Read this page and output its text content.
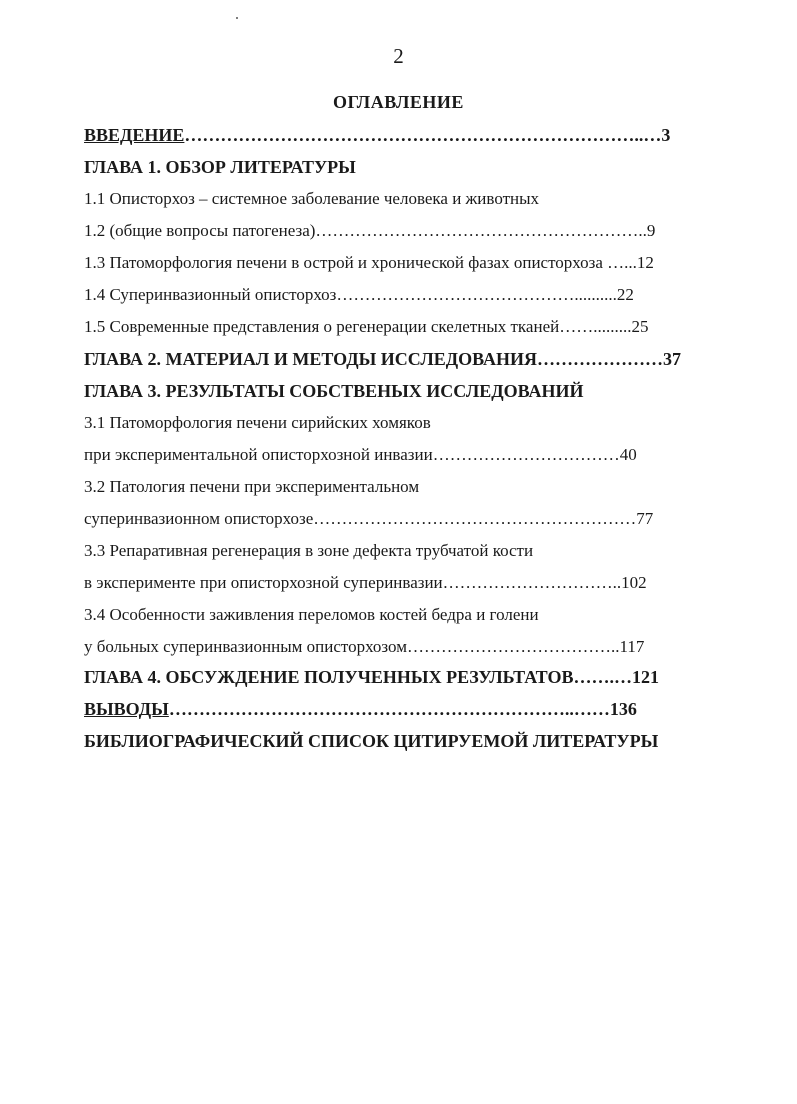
2
ОГЛАВЛЕНИЕ
ВВЕДЕНИЕ…………………………………………………………………..…3
ГЛАВА 1. ОБЗОР ЛИТЕРАТУРЫ
1.1 Описторхоз – системное заболевание человека и животных
1.2 (общие вопросы патогенеза)…………………………………………………..9
1.3 Патоморфология печени в острой и хронической фазах описторхоза …...12
1.4 Суперинвазионный описторхоз……………………………………..........22
1.5 Современные представления о регенерации скелетных тканей…….........25
ГЛАВА 2. МАТЕРИАЛ И МЕТОДЫ ИССЛЕДОВАНИЯ…………………37
ГЛАВА 3. РЕЗУЛЬТАТЫ СОБСТВЕНЫХ ИССЛЕДОВАНИЙ
3.1 Патоморфология печени сирийских хомяков
при экспериментальной описторхозной инвазии……………………………40
3.2 Патология печени при экспериментальном
суперинвазионном описторхозе…………………………………………………77
3.3 Репаративная регенерация в зоне дефекта трубчатой кости
в эксперименте при описторхозной суперинвазии…………………………..102
3.4 Особенности заживления переломов костей бедра и голени
у больных суперинвазионным описторхозом………………………………..117
ГЛАВА 4. ОБСУЖДЕНИЕ ПОЛУЧЕННЫХ РЕЗУЛЬТАТОВ…….…121
ВЫВОДЫ…………………………………………………………..……136
БИБЛИОГРАФИЧЕСКИЙ СПИСОК ЦИТИРУЕМОЙ ЛИТЕРАТУРЫ
